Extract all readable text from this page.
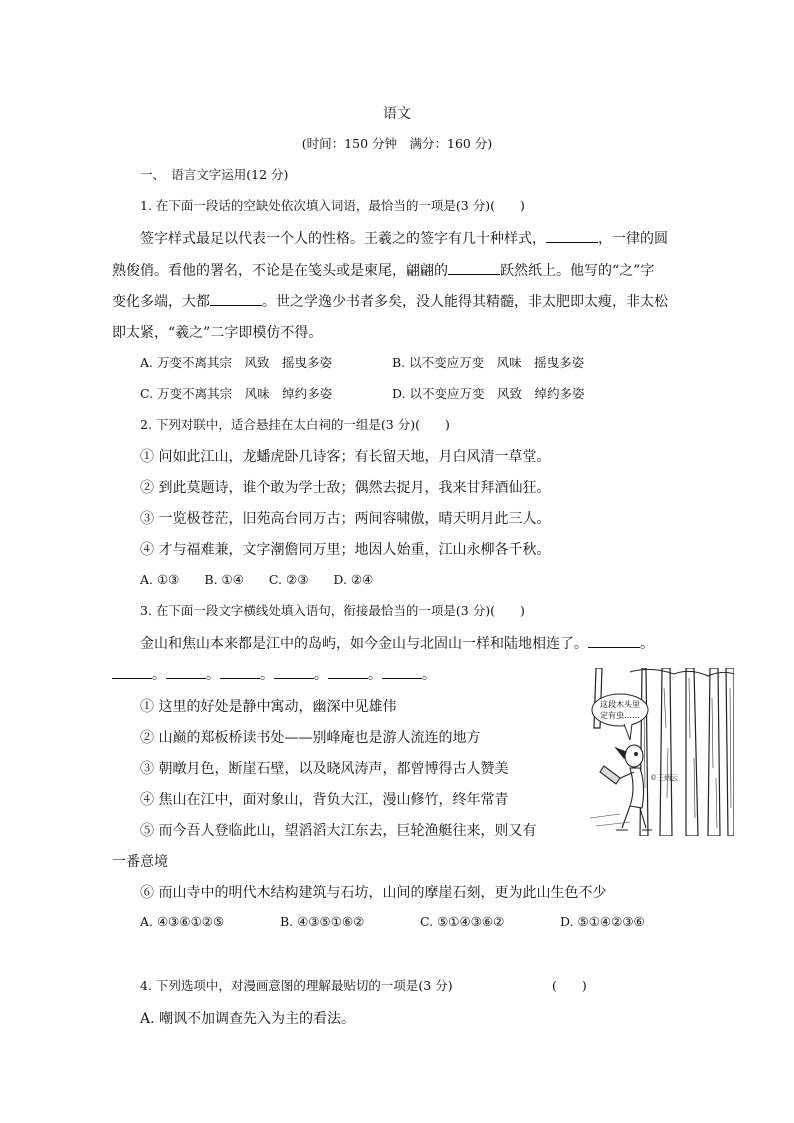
语文
(时间：150 分钟　满分：160 分)
一、　语言文字运用(12 分)
1. 在下面一段话的空缺处依次填入词语，最恰当的一项是(3 分)(　　)
签字样式最足以代表一个人的性格。王羲之的签字有几十种样式，	，一律的圆
熟俊俏。看他的署名，不论是在笺头或是柬尾，翩翩的	跃然纸上。他写的“之”字
变化多端，大都	。世之学逸少书者多矣，没人能得其精髓，非太肥即太瘦，非太松
即太紧，“羲之”二字即模仿不得。
A. 万变不离其宗　风致　摇曳多姿	B. 以不变应万变　风味　摇曳多姿
C. 万变不离其宗　风味　绰约多姿	D. 以不变应万变　风致　绰约多姿
2. 下列对联中，适合悬挂在太白祠的一组是(3 分)(　　)
① 问如此江山，龙蟠虎卧几诗客；有长留天地，月白风清一草堂。
② 到此莫题诗，谁个敢为学士敌；偶然去捉月，我来甘拜酒仙狂。
③ 一览极苍茫，旧苑高台同万古；两间容啸傲，晴天明月此三人。
④ 才与福难兼，文字潮儋同万里；地因人始重，江山永柳各千秋。
A. ①③　　B. ①④　　C. ②③　　D. ②④
3. 在下面一段文字横线处填入语句，衔接最恰当的一项是(3 分)(　　)
金山和焦山本来都是江中的岛屿，如今金山与北固山一样和陆地相连了。	。
。	。	。	。	。	。
① 这里的好处是静中寓动，幽深中见雄伟
② 山巅的郑板桥读书处——别峰庵也是游人流连的地方
③ 朝暾月色，断崖石壁，以及晓风涛声，都曾博得古人赞美
④ 焦山在江中，面对象山，背负大江，漫山修竹，终年常青
⑤ 而今吾人登临此山，望滔滔大江东去，巨轮渔艇往来，则又有
一番意境
⑥ 而山寺中的明代木结构建筑与石坊，山间的摩崖石刻，更为此山生色不少
A. ④③⑥①②⑤	B. ④③⑤①⑥②	C. ⑤①④③⑥②	D. ⑤①④②③⑥
4. 下列选项中，对漫画意图的理解最贴切的一项是(3 分)	(　　)
A. 嘲讽不加调查先入为主的看法。
这段木头里
定有虫……
©王炳云
